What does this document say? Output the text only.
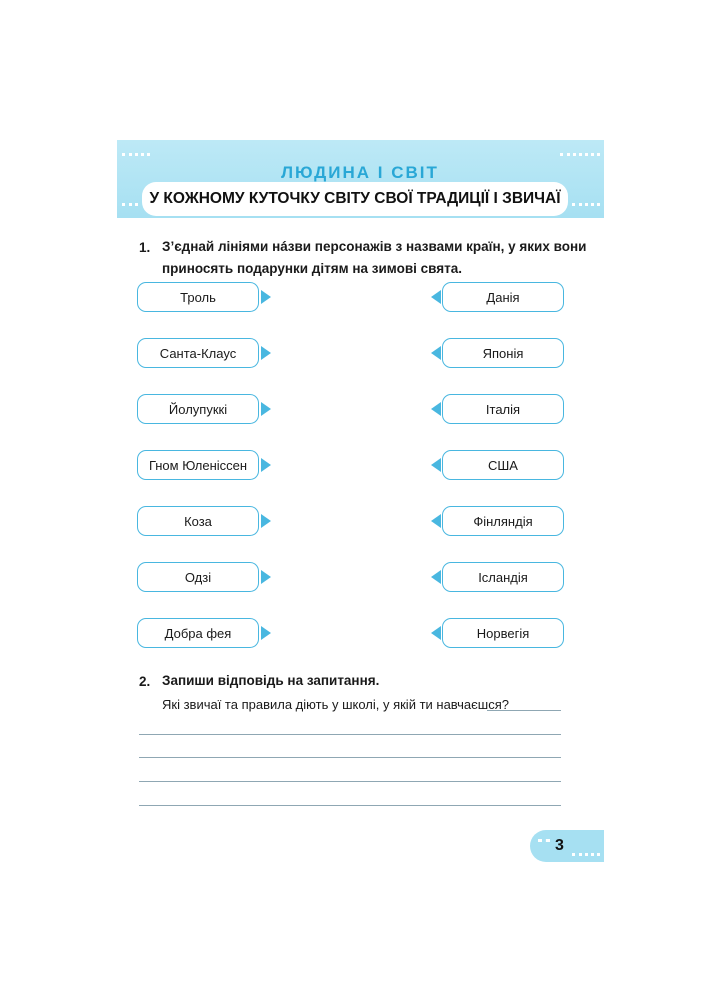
ЛЮДИНА І СВІТ
У КОЖНОМУ КУТОЧКУ СВІТУ СВОЇ ТРАДИЦІЇ І ЗВИЧАЇ
1. З’єднай лініями нáзви персонажів з назвами країн, у яких вони
приносять подарунки дітям на зимові свята.
Троль
Санта-Клаус
Йолупуккі
Гном Юленіссен
Коза
Одзі
Добра фея
Данія
Японія
Італія
США
Фінляндія
Ісландія
Норвегія
2. Запиши відповідь на запитання.
Які звичаї та правила діють у школі, у якій ти навчаєшся?
3
